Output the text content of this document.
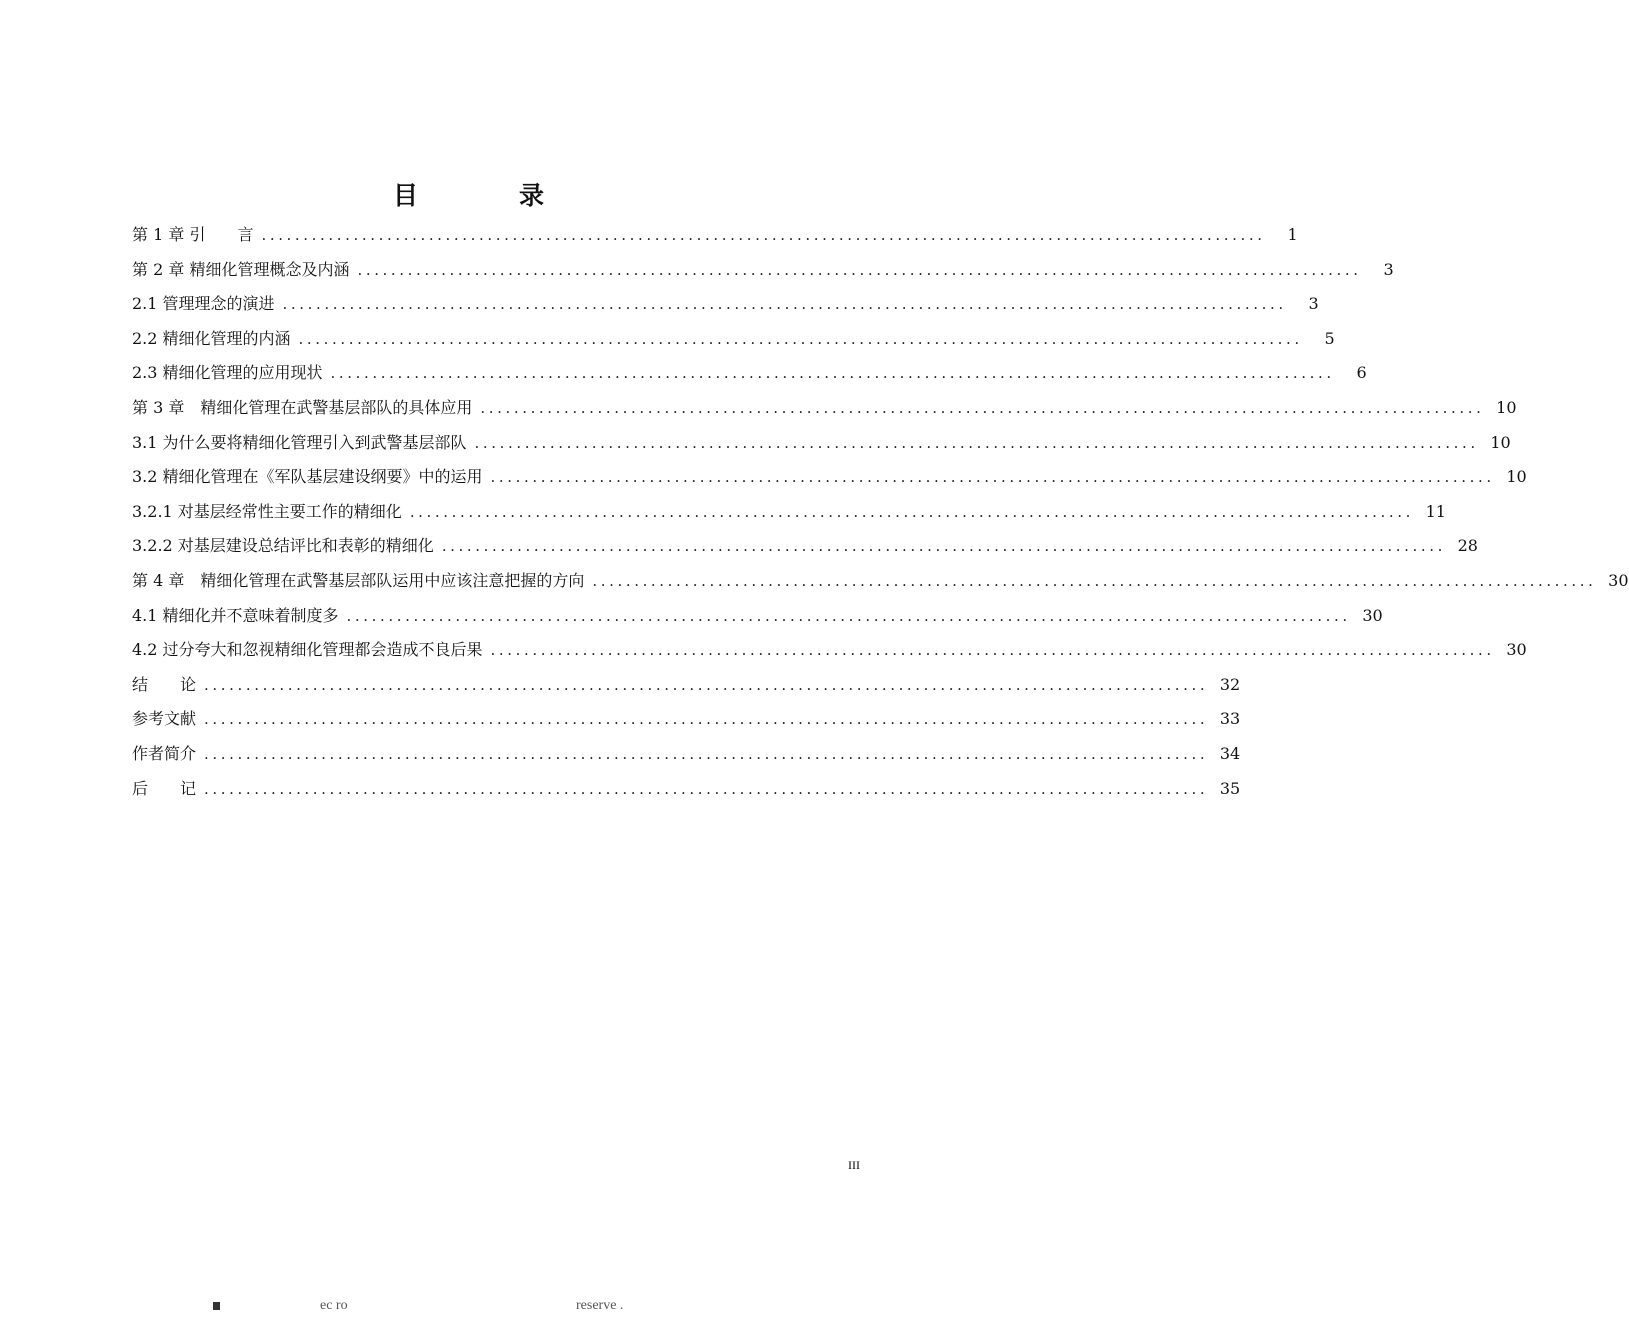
目　录
第 1 章 引　　言 ........................................................................................................................	1
第 2 章 精细化管理概念及内涵 ........................................................................................................................	3
2.1 管理理念的演进 ........................................................................................................................	3
2.2 精细化管理的内涵 ........................................................................................................................	5
2.3 精细化管理的应用现状 ........................................................................................................................	6
第 3 章　精细化管理在武警基层部队的具体应用 ........................................................................................................................ 10
3.1 为什么要将精细化管理引入到武警基层部队 ........................................................................................................................ 10
3.2 精细化管理在《军队基层建设纲要》中的运用 ........................................................................................................................ 10
3.2.1 对基层经常性主要工作的精细化 ........................................................................................................................ 11
3.2.2 对基层建设总结评比和表彰的精细化 ........................................................................................................................ 28
第 4 章　精细化管理在武警基层部队运用中应该注意把握的方向 ........................................................................................................................ 30
4.1 精细化并不意味着制度多 ........................................................................................................................ 30
4.2 过分夸大和忽视精细化管理都会造成不良后果 ........................................................................................................................ 30
结　　论 ........................................................................................................................ 32
参考文献 ........................................................................................................................ 33
作者简介 ........................................................................................................................ 34
后　　记 ........................................................................................................................ 35
III
ec ro	reserve .
